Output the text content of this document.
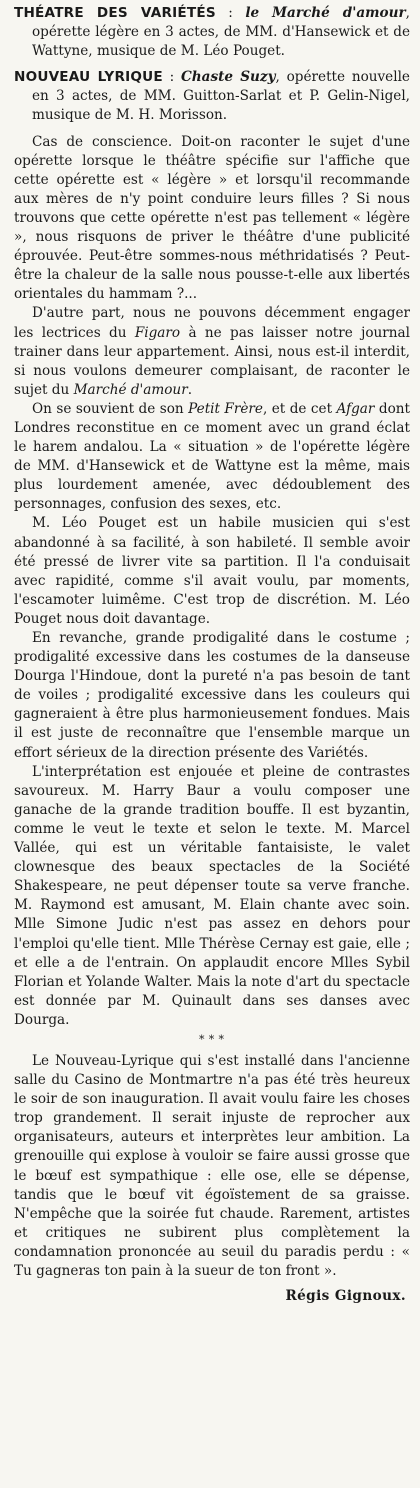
THÉATRE DES VARIÉTÉS : le Marché d'amour, opérette légère en 3 actes, de MM. d'Hansewick et de Wattyne, musique de M. Léo Pouget.

NOUVEAU LYRIQUE : Chaste Suzy, opérette nouvelle en 3 actes, de MM. Guitton-Sarlat et P. Gelin-Nigel, musique de M. H. Morisson.

Cas de conscience. Doit-on raconter le sujet d'une opérette lorsque le théâtre spécifie sur l'affiche que cette opérette est « légère » et lorsqu'il recommande aux mères de n'y point conduire leurs filles ? Si nous trouvons que cette opérette n'est pas tellement « légère », nous risquons de priver le théâtre d'une publicité éprouvée. Peut-être sommes-nous méthridatisés ? Peut-être la chaleur de la salle nous pousse-t-elle aux libertés orientales du hammam ?...

D'autre part, nous ne pouvons décemment engager les lectrices du Figaro à ne pas laisser notre journal trainer dans leur appartement. Ainsi, nous est-il interdit, si nous voulons demeurer complaisant, de raconter le sujet du Marché d'amour.

On se souvient de son Petit Frère, et de cet Afgar dont Londres reconstitue en ce moment avec un grand éclat le harem andalou. La « situation » de l'opérette légère de MM. d'Hansewick et de Wattyne est la même, mais plus lourdement amenée, avec dédoublement des personnages, confusion des sexes, etc.

M. Léo Pouget est un habile musicien qui s'est abandonné à sa facilité, à son habileté. Il semble avoir été pressé de livrer vite sa partition. Il l'a conduisait avec rapidité, comme s'il avait voulu, par moments, l'escamoter luimême. C'est trop de discrétion. M. Léo Pouget nous doit davantage.

En revanche, grande prodigalité dans le costume ; prodigalité excessive dans les costumes de la danseuse Dourga l'Hindoue, dont la pureté n'a pas besoin de tant de voiles ; prodigalité excessive dans les couleurs qui gagneraient à être plus harmonieusement fondues. Mais il est juste de reconnaître que l'ensemble marque un effort sérieux de la direction présente des Variétés.

L'interprétation est enjouée et pleine de contrastes savoureux. M. Harry Baur a voulu composer une ganache de la grande tradition bouffe. Il est byzantin, comme le veut le texte et selon le texte. M. Marcel Vallée, qui est un véritable fantaisiste, le valet clownesque des beaux spectacles de la Société Shakespeare, ne peut dépenser toute sa verve franche. M. Raymond est amusant, M. Elain chante avec soin. Mlle Simone Judic n'est pas assez en dehors pour l'emploi qu'elle tient. Mlle Thérèse Cernay est gaie, elle ; et elle a de l'entrain. On applaudit encore Mlles Sybil Florian et Yolande Walter. Mais la note d'art du spectacle est donnée par M. Quinault dans ses danses avec Dourga.

* * *

Le Nouveau-Lyrique qui s'est installé dans l'ancienne salle du Casino de Montmartre n'a pas été très heureux le soir de son inauguration. Il avait voulu faire les choses trop grandement. Il serait injuste de reprocher aux organisateurs, auteurs et interprètes leur ambition. La grenouille qui explose à vouloir se faire aussi grosse que le bœuf est sympathique : elle ose, elle se dépense, tandis que le bœuf vit égoïstement de sa graisse. N'empêche que la soirée fut chaude. Rarement, artistes et critiques ne subirent plus complètement la condamnation prononcée au seuil du paradis perdu : « Tu gagneras ton pain à la sueur de ton front ».

Régis Gignoux.
